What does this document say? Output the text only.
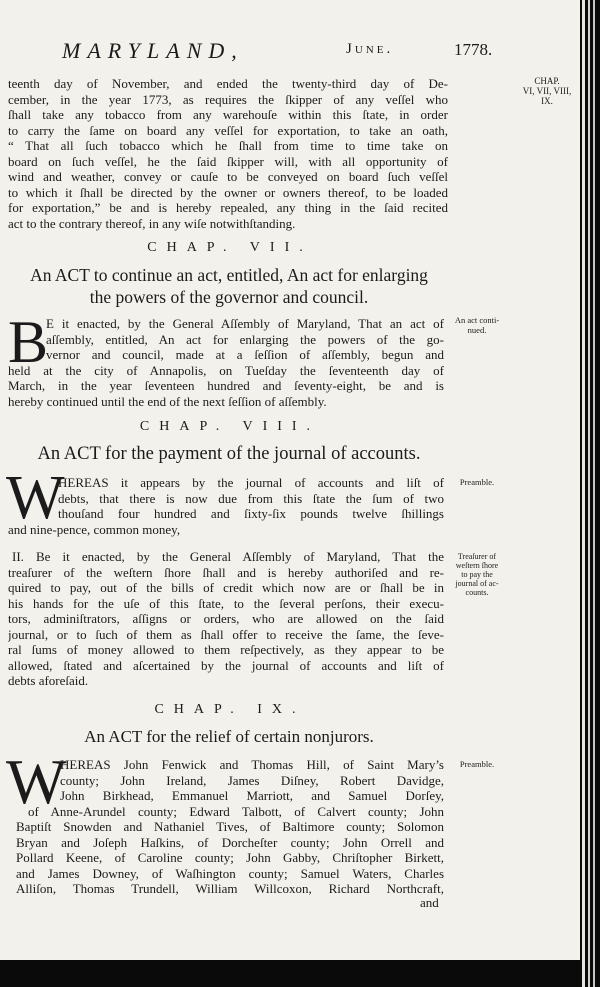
MARYLAND,	June.	1778.
CHAP.
VI, VII, VIII,
IX.
teenth day of November, and ended the twenty-third day of De-
cember, in the year 1773, as requires the ſkipper of any veſſel who
ſhall take any tobacco from any warehouſe within this ſtate, in order
to carry the ſame on board any veſſel for exportation, to take an oath,
“ That all ſuch tobacco which he ſhall from time to time take on
board on ſuch veſſel, he the ſaid ſkipper will, with all opportunity of
wind and weather, convey or cauſe to be conveyed on board ſuch veſſel
to which it ſhall be directed by the owner or owners thereof, to be loaded
for exportation,” be and is hereby repealed, any thing in the ſaid recited
act to the contrary thereof, in any wiſe notwithſtanding.
CHAP. VII.
An ACT to continue an act, entitled, An act for enlarging
the powers of the governor and council.
B
E it enacted, by the General Aſſembly of Maryland, That an act of
aſſembly, entitled, An act for enlarging the powers of the go-
vernor and council, made at a ſeſſion of aſſembly, begun and
held at the city of Annapolis, on Tueſday the ſeventeenth day of
March, in the year ſeventeen hundred and ſeventy-eight, be and is
hereby continued until the end of the next ſeſſion of aſſembly.
An act conti-
nued.
CHAP. VIII.
An ACT for the payment of the journal of accounts.
W
HEREAS it appears by the journal of accounts and liſt of
debts, that there is now due from this ſtate the ſum of two
thouſand four hundred and ſixty-ſix pounds twelve ſhillings
and nine-pence, common money,
Preamble.
II. Be it enacted, by the General Aſſembly of Maryland, That the
treaſurer of the weſtern ſhore ſhall and is hereby authoriſed and re-
quired to pay, out of the bills of credit which now are or ſhall be in
his hands for the uſe of this ſtate, to the ſeveral perſons, their execu-
tors, adminiſtrators, aſſigns or orders, who are allowed on the ſaid
journal, or to ſuch of them as ſhall offer to receive the ſame, the ſeve-
ral ſums of money allowed to them reſpectively, as they appear to be
allowed, ſtated and aſcertained by the journal of accounts and liſt of
debts aforeſaid.
Treaſurer of
weſtern ſhore
to pay the
journal of ac-
counts.
CHAP. IX.
An ACT for the relief of certain nonjurors.
W
HEREAS John Fenwick and Thomas Hill, of Saint Mary’s
county; John Ireland, James Diſney, Robert Davidge,
John Birkhead, Emmanuel Marriott, and Samuel Dorſey,
of Anne-Arundel county; Edward Talbott, of Calvert county; John
Baptiſt Snowden and Nathaniel Tives, of Baltimore county; Solomon
Bryan and Joſeph Haſkins, of Dorcheſter county; John Orrell and
Pollard Keene, of Caroline county; John Gabby, Chriſtopher Birkett,
and James Downey, of Waſhington county; Samuel Waters, Charles
Alliſon, Thomas Trundell, William Willcoxon, Richard Northcraft,
Preamble.
and
